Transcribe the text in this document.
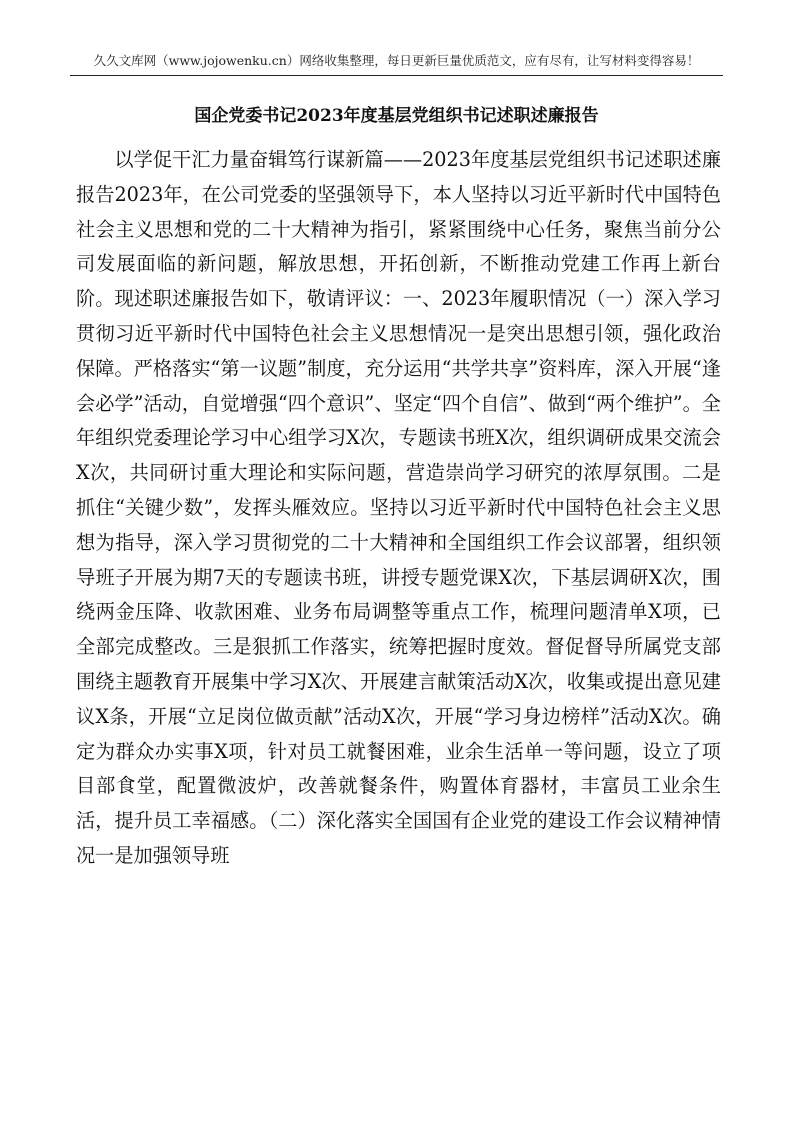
久久文库网（www.jojowenku.cn）网络收集整理，每日更新巨量优质范文，应有尽有，让写材料变得容易！
国企党委书记2023年度基层党组织书记述职述廉报告

以学促干汇力量奋辑笃行谋新篇——2023年度基层党组织书记述职述廉报告2023年，在公司党委的坚强领导下，本人坚持以习近平新时代中国特色社会主义思想和党的二十大精神为指引，紧紧围绕中心任务，聚焦当前分公司发展面临的新问题，解放思想，开拓创新，不断推动党建工作再上新台阶。现述职述廉报告如下，敬请评议：一、2023年履职情况（一）深入学习贯彻习近平新时代中国特色社会主义思想情况一是突出思想引领，强化政治保障。严格落实“第一议题”制度，充分运用“共学共享”资料库，深入开展“逢会必学”活动，自觉增强“四个意识”、坚定“四个自信”、做到“两个维护”。全年组织党委理论学习中心组学习X次，专题读书班X次，组织调研成果交流会X次，共同研讨重大理论和实际问题，营造崇尚学习研究的浓厚氛围。二是抓住“关键少数”，发挥头雁效应。坚持以习近平新时代中国特色社会主义思想为指导，深入学习贯彻党的二十大精神和全国组织工作会议部署，组织领导班子开展为期7天的专题读书班，讲授专题党课X次，下基层调研X次，围绕两金压降、收款困难、业务布局调整等重点工作，梳理问题清单X项，已全部完成整改。三是狠抓工作落实，统筹把握时度效。督促督导所属党支部围绕主题教育开展集中学习X次、开展建言献策活动X次，收集或提出意见建议X条，开展“立足岗位做贡献”活动X次，开展“学习身边榜样”活动X次。确定为群众办实事X项，针对员工就餐困难，业余生活单一等问题，设立了项目部食堂，配置微波炉，改善就餐条件，购置体育器材，丰富员工业余生活，提升员工幸福感。（二）深化落实全国国有企业党的建设工作会议精神情况一是加强领导班
